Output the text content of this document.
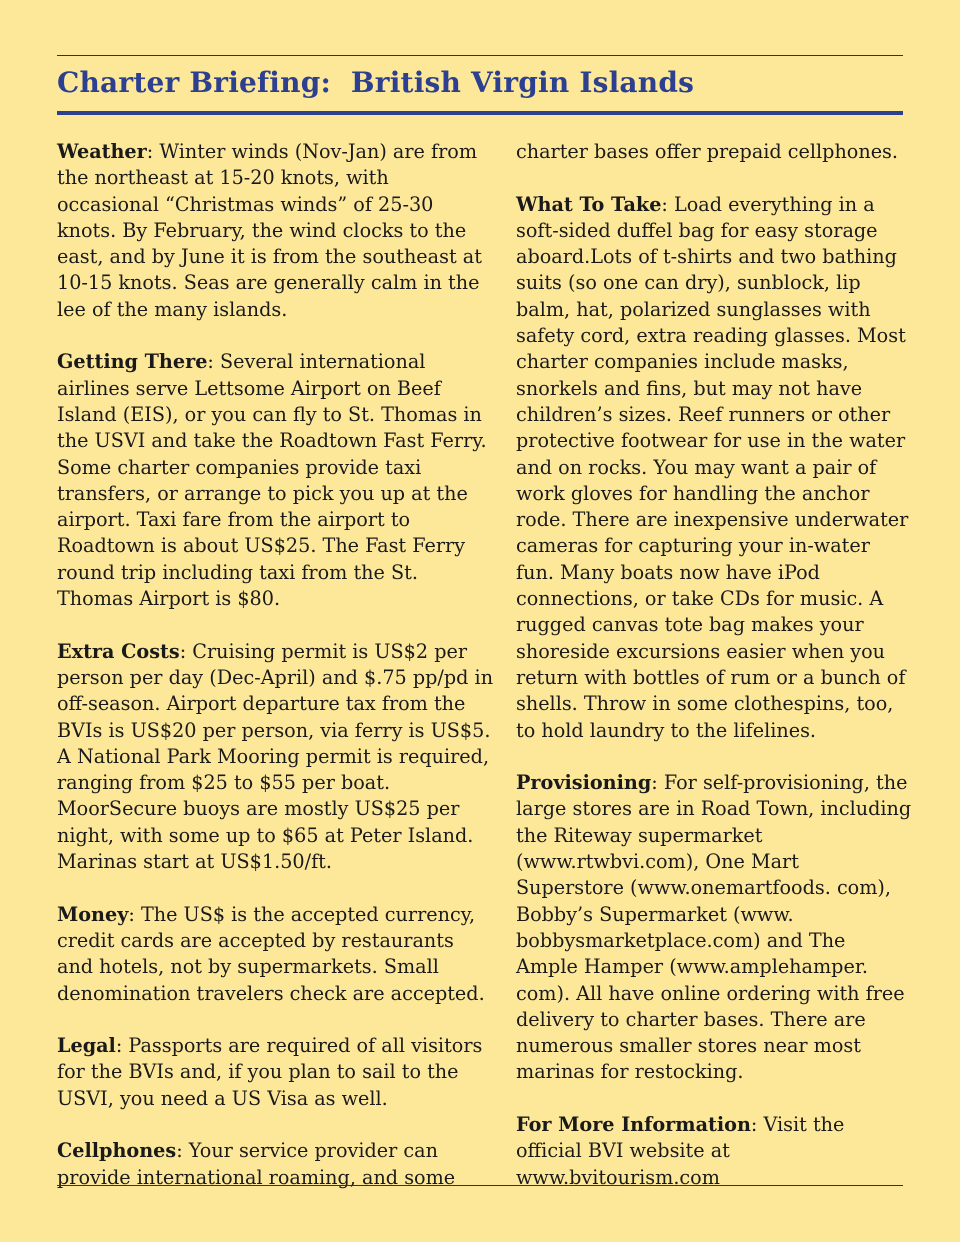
Charter Briefing:  British Virgin Islands

Weather: Winter winds (Nov-Jan) are from the northeast at 15-20 knots, with occasional “Christmas winds” of 25-30 knots. By February, the wind clocks to the east, and by June it is from the southeast at 10-15 knots. Seas are generally calm in the lee of the many islands.

Getting There: Several international airlines serve Lettsome Airport on Beef Island (EIS), or you can fly to St. Thomas in the USVI and take the Roadtown Fast Ferry. Some charter companies provide taxi transfers, or arrange to pick you up at the airport. Taxi fare from the airport to Roadtown is about US$25. The Fast Ferry round trip including taxi from the St. Thomas Airport is $80.

Extra Costs: Cruising permit is US$2 per person per day (Dec-April) and $.75 pp/pd in off-season. Airport departure tax from the BVIs is US$20 per person, via ferry is US$5. A National Park Mooring permit is required, ranging from $25 to $55 per boat. MoorSecure buoys are mostly US$25 per night, with some up to $65 at Peter Island. Marinas start at US$1.50/ft.

Money: The US$ is the accepted currency, credit cards are accepted by restaurants and hotels, not by supermarkets. Small denomination travelers check are accepted.

Legal: Passports are required of all visitors for the BVIs and, if you plan to sail to the USVI, you need a US Visa as well.

Cellphones: Your service provider can provide international roaming, and some

charter bases offer prepaid cellphones.

What To Take: Load everything in a soft-sided duffel bag for easy storage aboard.Lots of t-shirts and two bathing suits (so one can dry), sunblock, lip balm, hat, polarized sunglasses with safety cord, extra reading glasses. Most charter companies include masks, snorkels and fins, but may not have children’s sizes. Reef runners or other protective footwear for use in the water and on rocks. You may want a pair of work gloves for handling the anchor rode. There are inexpensive underwater cameras for capturing your in-water fun. Many boats now have iPod connections, or take CDs for music. A rugged canvas tote bag makes your shoreside excursions easier when you return with bottles of rum or a bunch of shells. Throw in some clothespins, too, to hold laundry to the lifelines.

Provisioning: For self-provisioning, the large stores are in Road Town, including the Riteway supermarket (www.rtwbvi.com), One Mart Superstore (www.onemartfoods. com), Bobby’s Supermarket (www. bobbysmarketplace.com) and The Ample Hamper (www.amplehamper. com). All have online ordering with free delivery to charter bases. There are numerous smaller stores near most marinas for restocking.

For More Information: Visit the official BVI website at www.bvitourism.com
